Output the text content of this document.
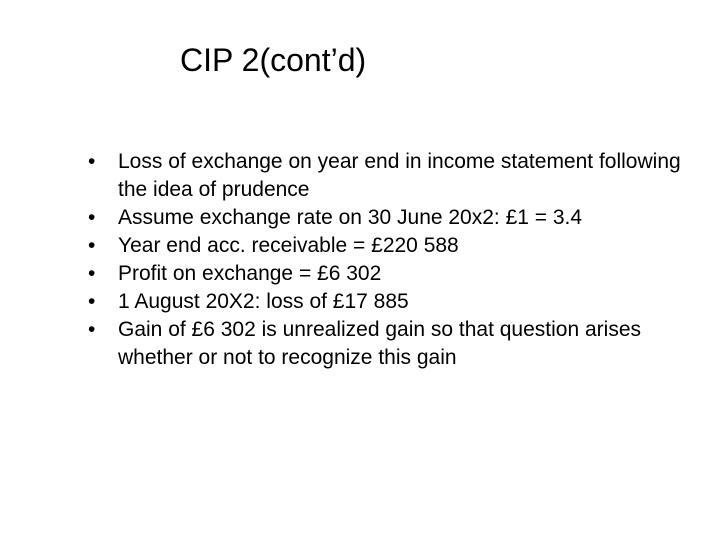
CIP 2(cont’d)
•	Loss of exchange on year end in income statement following the idea of prudence
•	Assume exchange rate on 30 June 20x2: £1 = 3.4
•	Year end acc. receivable = £220 588
•	Profit on exchange = £6 302
•	1 August 20X2: loss of £17 885
•	Gain of £6 302 is unrealized gain so that question arises whether or not to recognize this gain
